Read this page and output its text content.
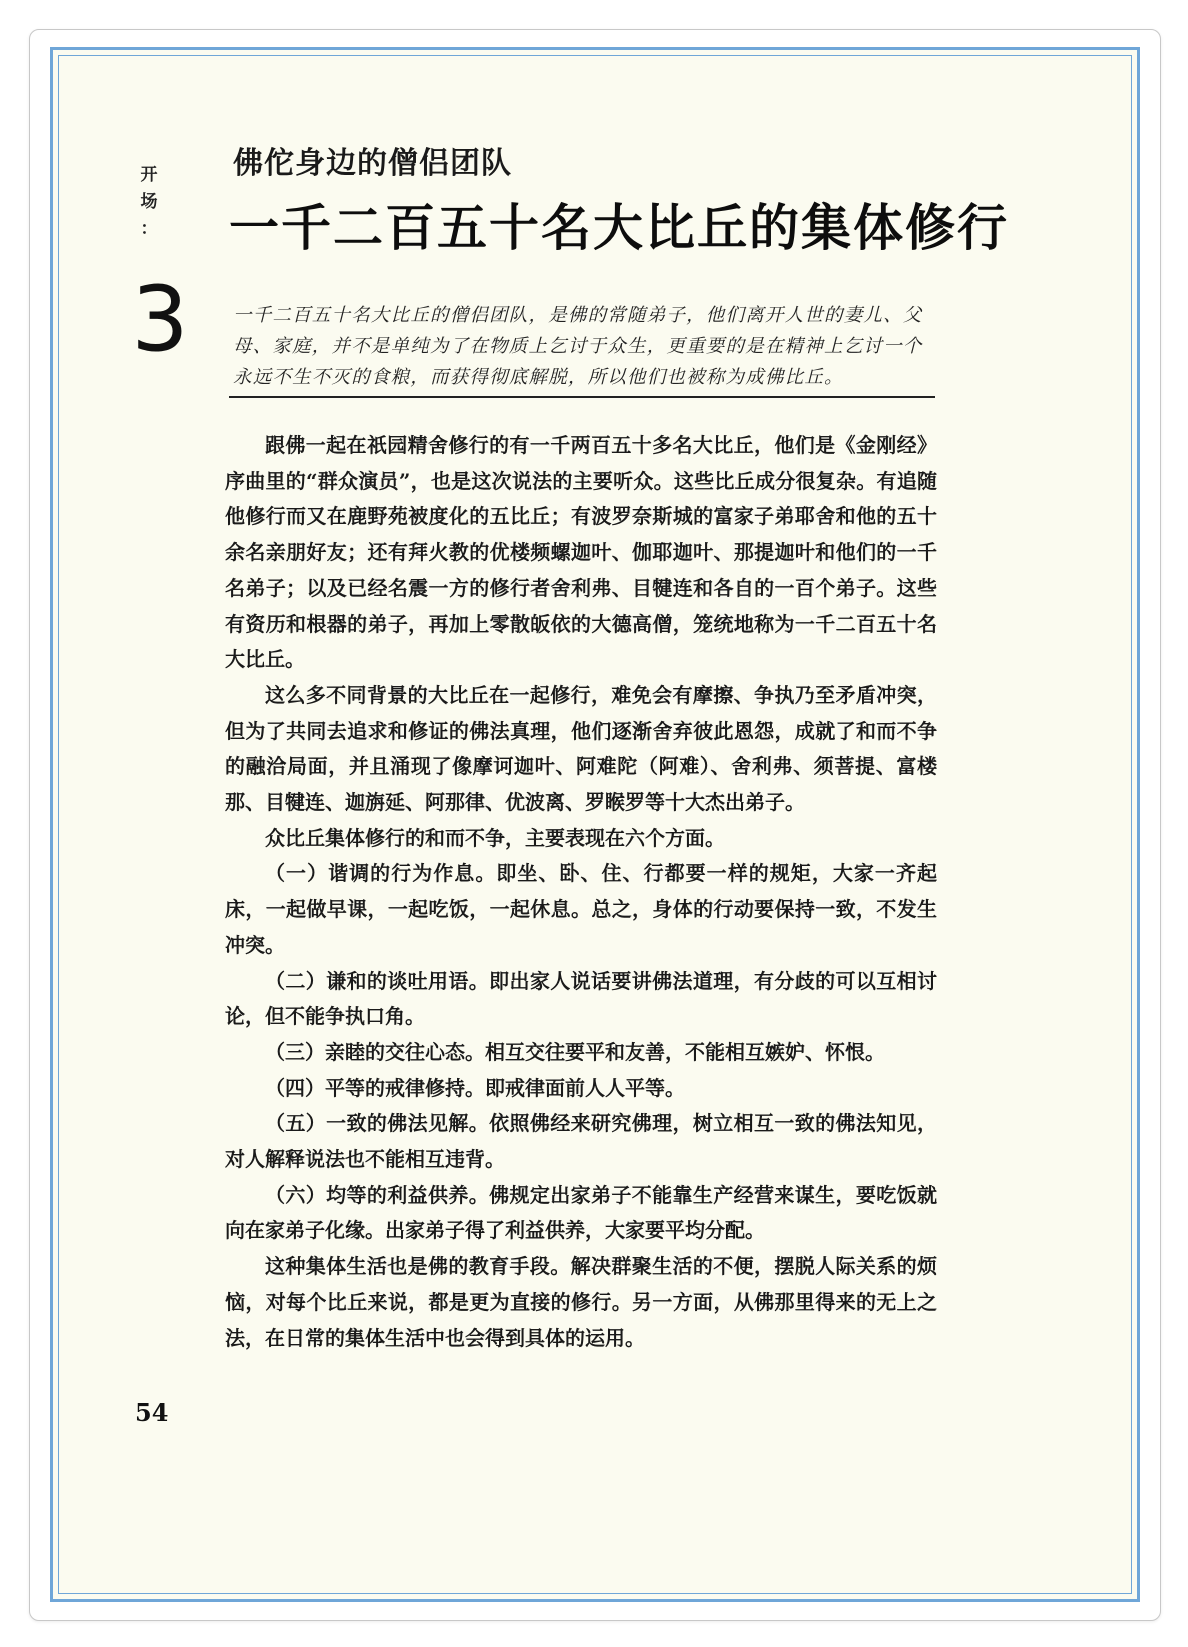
开
场
：
3
佛佗身边的僧侣团队
一千二百五十名大比丘的集体修行
一千二百五十名大比丘的僧侣团队，是佛的常随弟子，他们离开人世的妻儿、父母、家庭，并不是单纯为了在物质上乞讨于众生，更重要的是在精神上乞讨一个永远不生不灭的食粮，而获得彻底解脱，所以他们也被称为成佛比丘。

跟佛一起在祇园精舍修行的有一千两百五十多名大比丘，他们是《金刚经》序曲里的“群众演员”，也是这次说法的主要听众。这些比丘成分很复杂。有追随他修行而又在鹿野苑被度化的五比丘；有波罗奈斯城的富家子弟耶舍和他的五十余名亲朋好友；还有拜火教的优楼频螺迦叶、伽耶迦叶、那提迦叶和他们的一千名弟子；以及已经名震一方的修行者舍利弗、目犍连和各自的一百个弟子。这些有资历和根器的弟子，再加上零散皈依的大德高僧，笼统地称为一千二百五十名大比丘。

这么多不同背景的大比丘在一起修行，难免会有摩擦、争执乃至矛盾冲突，但为了共同去追求和修证的佛法真理，他们逐渐舍弃彼此恩怨，成就了和而不争的融洽局面，并且涌现了像摩诃迦叶、阿难陀（阿难）、舍利弗、须菩提、富楼那、目犍连、迦旃延、阿那律、优波离、罗睺罗等十大杰出弟子。

众比丘集体修行的和而不争，主要表现在六个方面。

（一）谐调的行为作息。即坐、卧、住、行都要一样的规矩，大家一齐起床，一起做早课，一起吃饭，一起休息。总之，身体的行动要保持一致，不发生冲突。

（二）谦和的谈吐用语。即出家人说话要讲佛法道理，有分歧的可以互相讨论，但不能争执口角。

（三）亲睦的交往心态。相互交往要平和友善，不能相互嫉妒、怀恨。

（四）平等的戒律修持。即戒律面前人人平等。

（五）一致的佛法见解。依照佛经来研究佛理，树立相互一致的佛法知见，对人解释说法也不能相互违背。

（六）均等的利益供养。佛规定出家弟子不能靠生产经营来谋生，要吃饭就向在家弟子化缘。出家弟子得了利益供养，大家要平均分配。

这种集体生活也是佛的教育手段。解决群聚生活的不便，摆脱人际关系的烦恼，对每个比丘来说，都是更为直接的修行。另一方面，从佛那里得来的无上之法，在日常的集体生活中也会得到具体的运用。

54
